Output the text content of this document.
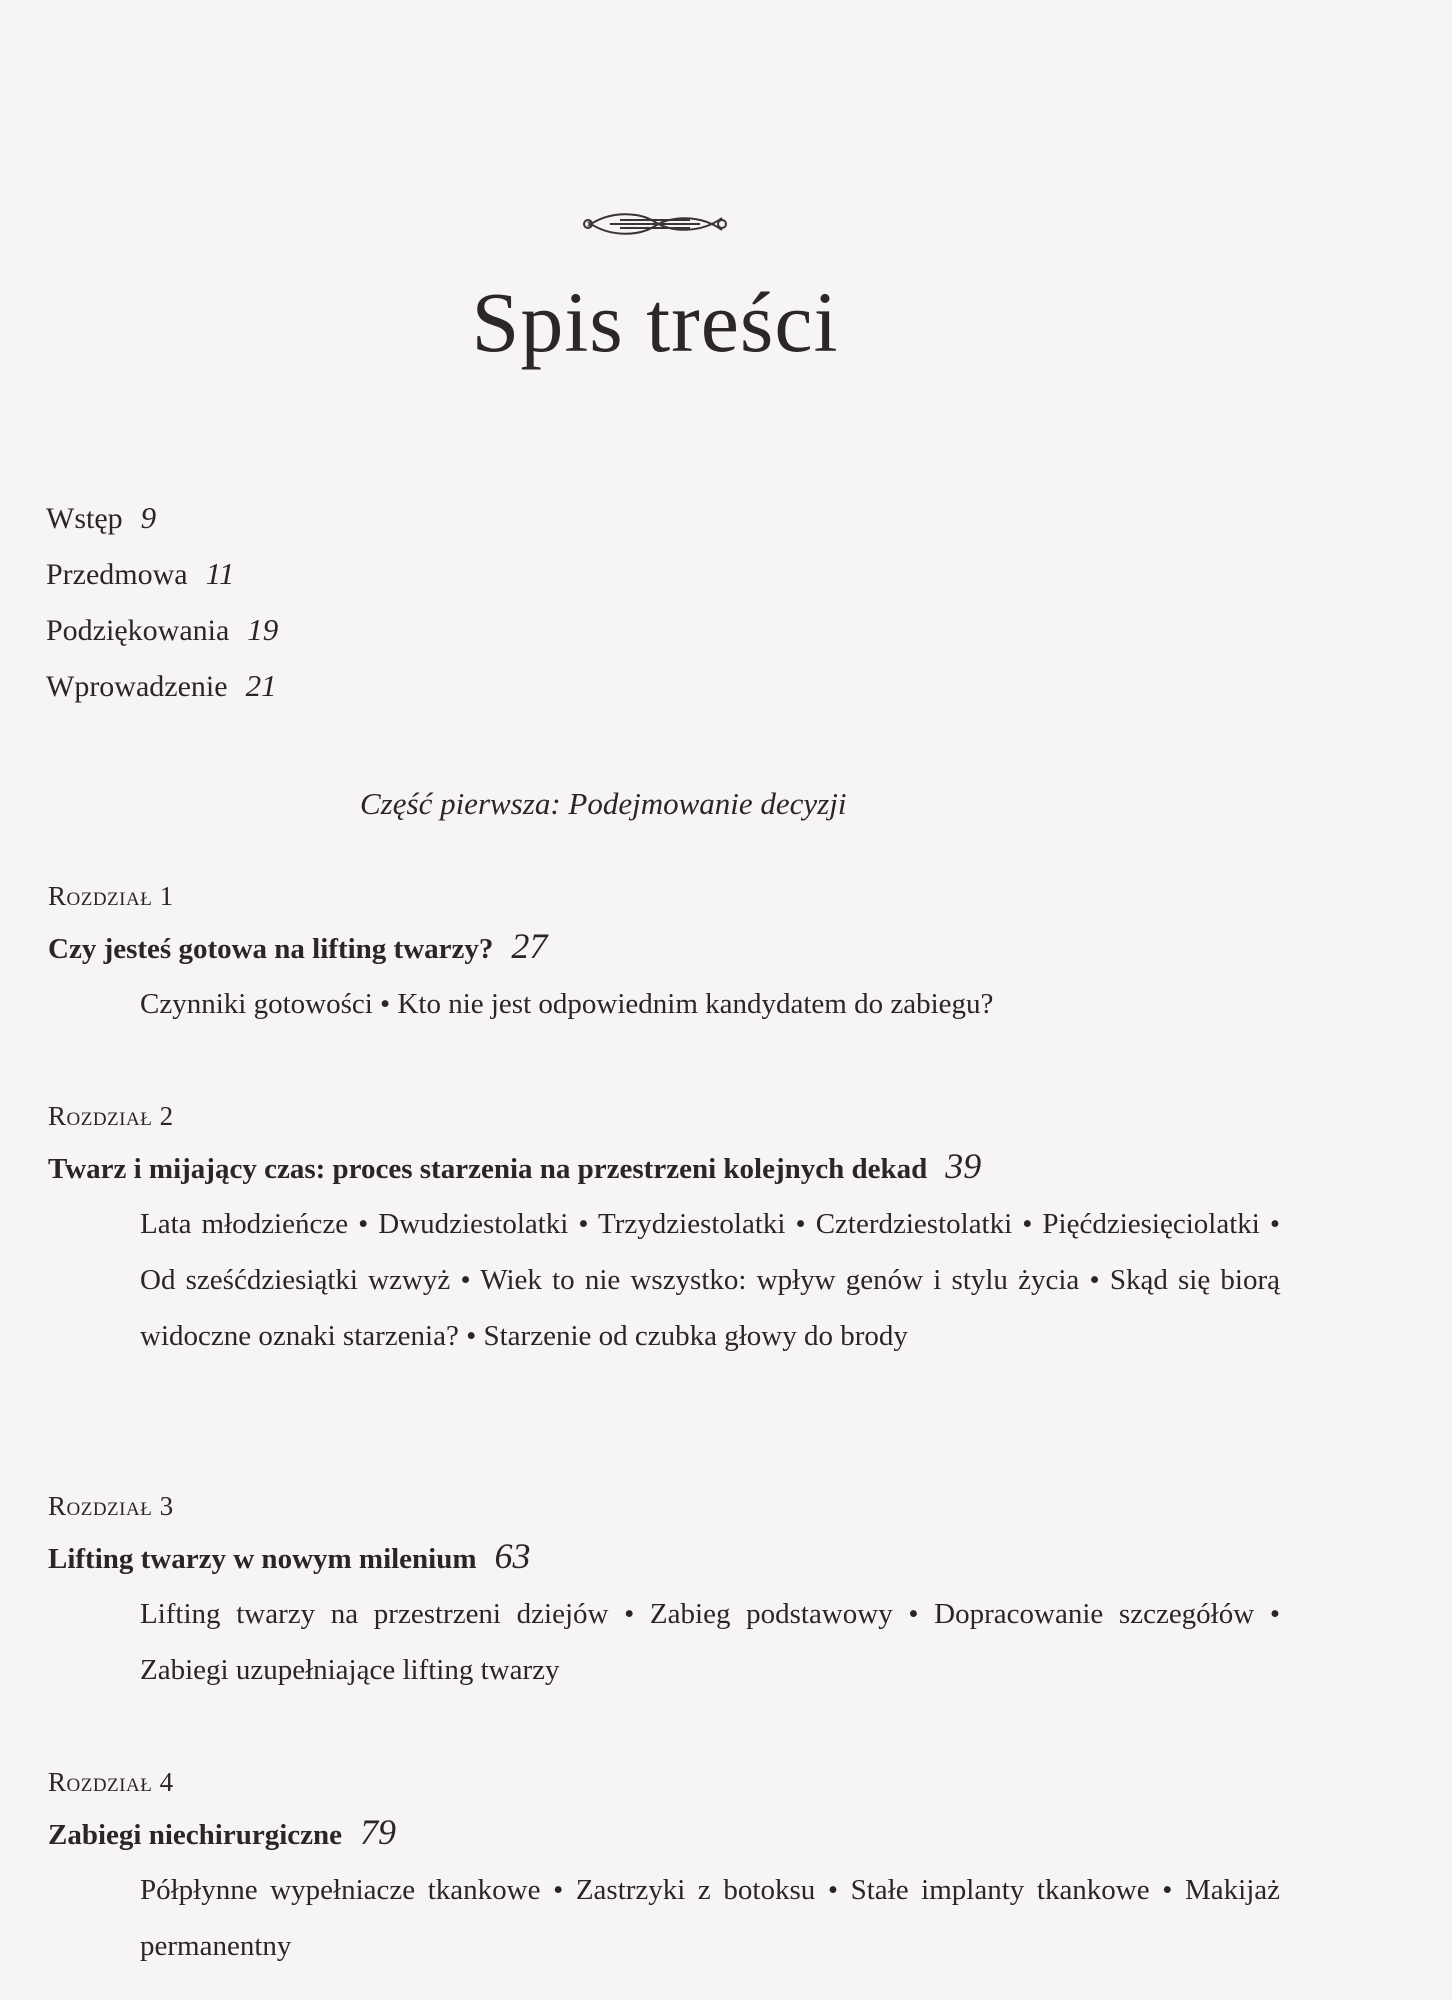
Spis treści
Wstęp 9
Przedmowa 11
Podziękowania 19
Wprowadzenie 21
Część pierwsza: Podejmowanie decyzji
Rozdział 1
Czy jesteś gotowa na lifting twarzy? 27
Czynniki gotowości • Kto nie jest odpowiednim kandydatem do zabiegu?
Rozdział 2
Twarz i mijający czas: proces starzenia na przestrzeni kolejnych dekad 39
Lata młodzieńcze • Dwudziestolatki • Trzydziestolatki • Czterdziestolatki • Pięćdziesięciolatki • Od sześćdziesiątki wzwyż • Wiek to nie wszystko: wpływ genów i stylu życia • Skąd się biorą widoczne oznaki starzenia? • Starzenie od czubka głowy do brody
Rozdział 3
Lifting twarzy w nowym milenium 63
Lifting twarzy na przestrzeni dziejów • Zabieg podstawowy • Dopracowanie szczegółów • Zabiegi uzupełniające lifting twarzy
Rozdział 4
Zabiegi niechirurgiczne 79
Półpłynne wypełniacze tkankowe • Zastrzyki z botoksu • Stałe implanty tkankowe • Makijaż permanentny
